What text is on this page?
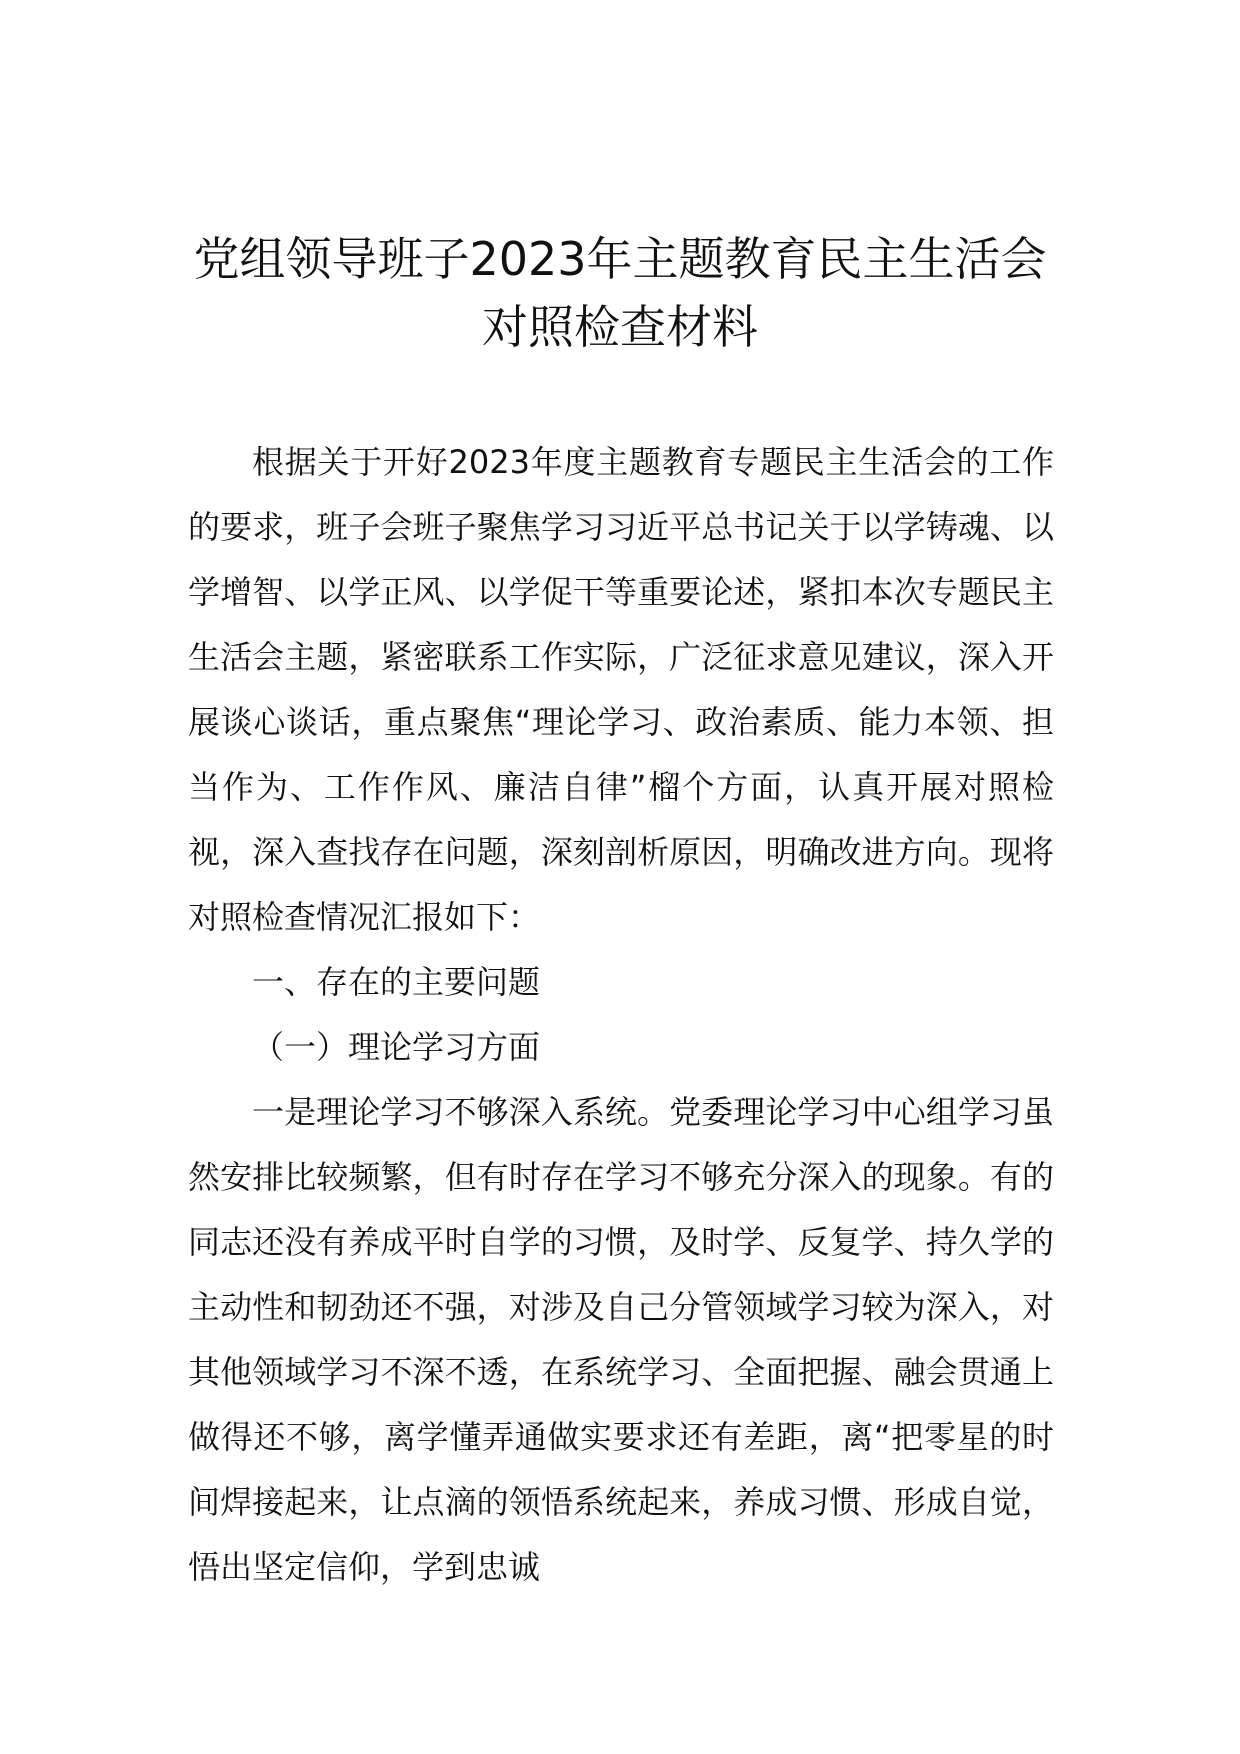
党组领导班子2023年主题教育民主生活会
对照检查材料

根据关于开好2023年度主题教育专题民主生活会的工作的要求，班子会班子聚焦学习习近平总书记关于以学铸魂、以学增智、以学正风、以学促干等重要论述，紧扣本次专题民主生活会主题，紧密联系工作实际，广泛征求意见建议，深入开展谈心谈话，重点聚焦“理论学习、政治素质、能力本领、担当作为、工作作风、廉洁自律”榴个方面，认真开展对照检视，深入查找存在问题，深刻剖析原因，明确改进方向。现将对照检查情况汇报如下：

一、存在的主要问题

（一）理论学习方面

一是理论学习不够深入系统。党委理论学习中心组学习虽然安排比较频繁，但有时存在学习不够充分深入的现象。有的同志还没有养成平时自学的习惯，及时学、反复学、持久学的主动性和韧劲还不强，对涉及自己分管领域学习较为深入，对其他领域学习不深不透，在系统学习、全面把握、融会贯通上做得还不够，离学懂弄通做实要求还有差距，离“把零星的时间焊接起来，让点滴的领悟系统起来，养成习惯、形成自觉，悟出坚定信仰，学到忠诚
